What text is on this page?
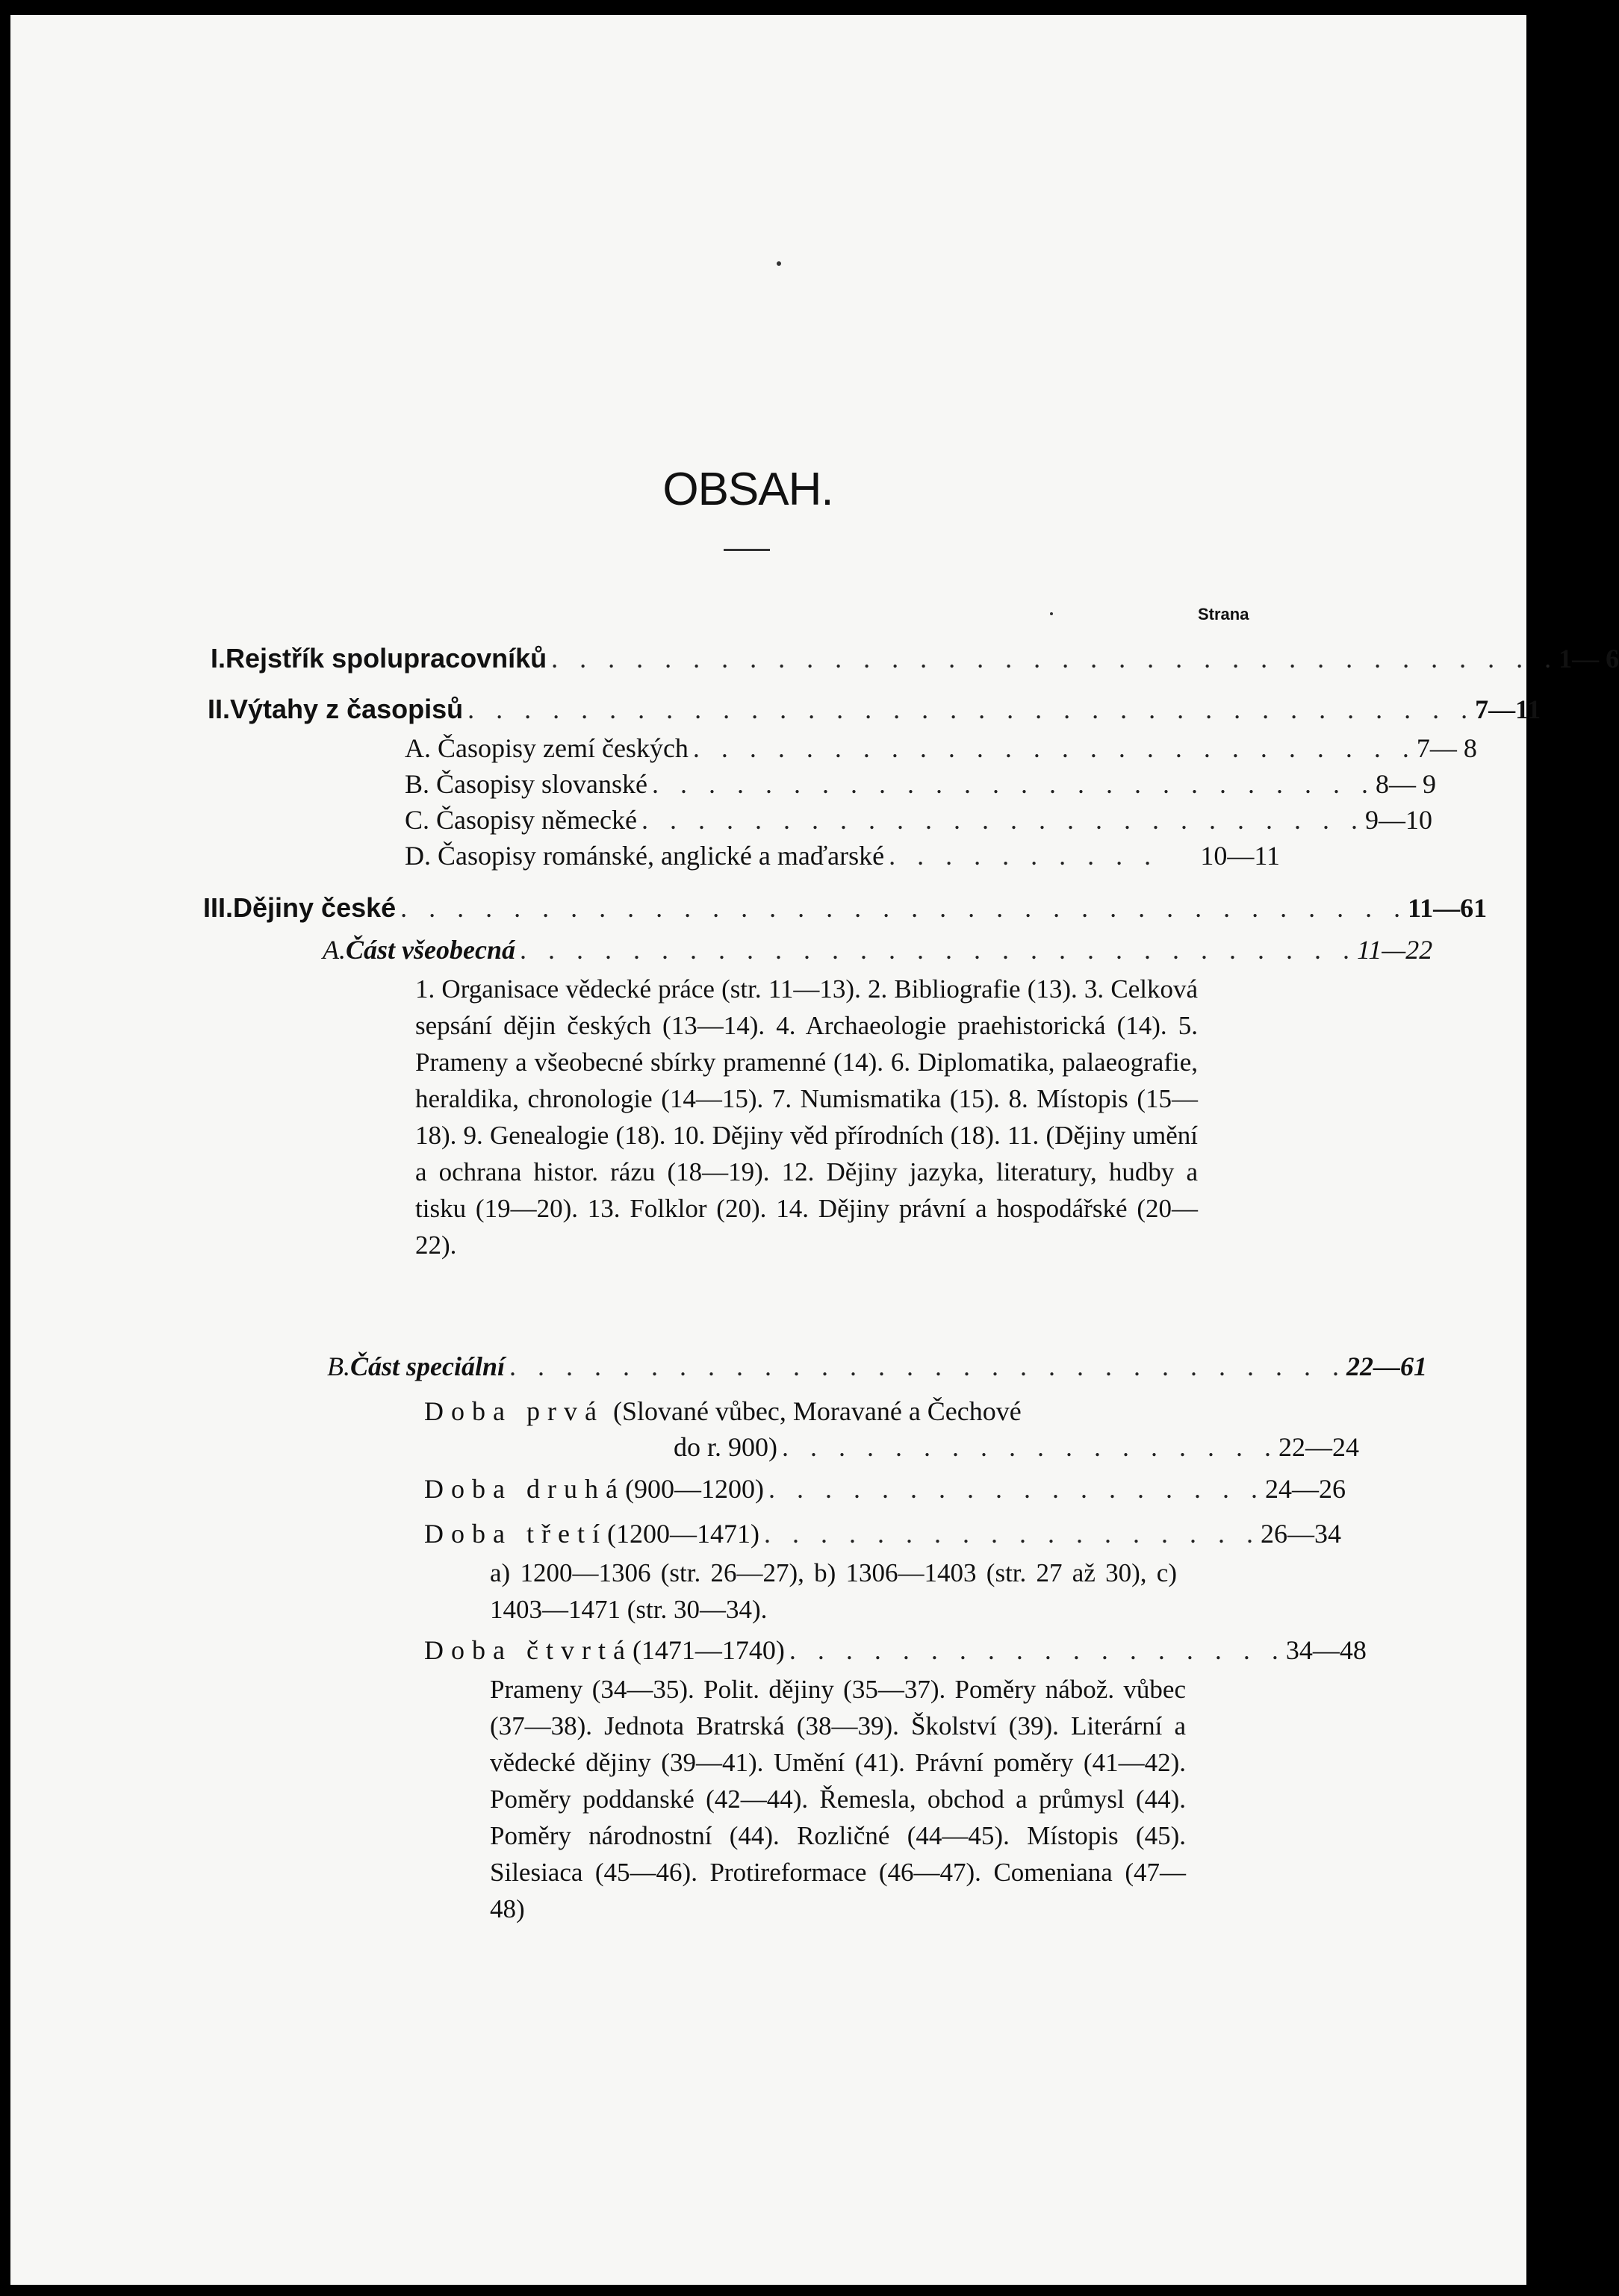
OBSAH.
Strana
I. Rejstřík spolupracovníků . . . . . . . . . . . . . . . . . . . . . . . . . . . . . . . . . . . . 1— 6
II. Výtahy z časopisů . . . . . . . . . . . . . . . . . . . . . . . . . . . . . . . . . . . . 7—11
A. Časopisy zemí českých . . . . . . . . . . . . . . . . . . . . . . . . . . 7— 8
B. Časopisy slovanské . . . . . . . . . . . . . . . . . . . . . . . . . . 8— 9
C. Časopisy německé . . . . . . . . . . . . . . . . . . . . . . . . . . 9—10
D. Časopisy románské, anglické a maďarské . . . . . . . . . .	10—11
III. Dějiny české . . . . . . . . . . . . . . . . . . . . . . . . . . . . . . . . . . . . 11—61
A. Část všeobecná . . . . . . . . . . . . . . . . . . . . . . . . . . . . . . 11—22
1. Organisace vědecké práce (str. 11—13). 2. Bibliografie (13). 3. Celková sepsání dějin českých (13—14). 4. Archaeologie praehistorická (14). 5. Prameny a všeobecné sbírky pramenné (14). 6. Diplomatika, palaeografie, heraldika, chronologie (14—15). 7. Numismatika (15). 8. Místopis (15—18). 9. Genealogie (18). 10. Dějiny věd přírodních (18). 11. (Dějiny umění a ochrana histor. rázu (18—19). 12. Dějiny jazyka, literatury, hudby a tisku (19—20). 13. Folklor (20). 14. Dějiny právní a hospodářské (20—22).
B. Část speciální . . . . . . . . . . . . . . . . . . . . . . . . . . . . . . 22—61
Doba prvá (Slované vůbec, Moravané a Čechové
do r. 900) . . . . . . . . . . . . . . . . . . 22—24
Doba druhá (900—1200) . . . . . . . . . . . . . . . . . . 24—26
Doba třetí (1200—1471) . . . . . . . . . . . . . . . . . . 26—34
a) 1200—1306 (str. 26—27), b) 1306—1403 (str. 27 až 30), c) 1403—1471 (str. 30—34).
Doba čtvrtá (1471—1740) . . . . . . . . . . . . . . . . . . 34—48
Prameny (34—35). Polit. dějiny (35—37). Poměry nábož. vůbec (37—38). Jednota Bratrská (38—39). Školství (39). Literární a vědecké dějiny (39—41). Umění (41). Právní poměry (41—42). Poměry poddanské (42—44). Řemesla, obchod a průmysl (44). Poměry národnostní (44). Rozličné (44—45). Místopis (45). Silesiaca (45—46). Protireformace (46—47). Comeniana (47—48)
